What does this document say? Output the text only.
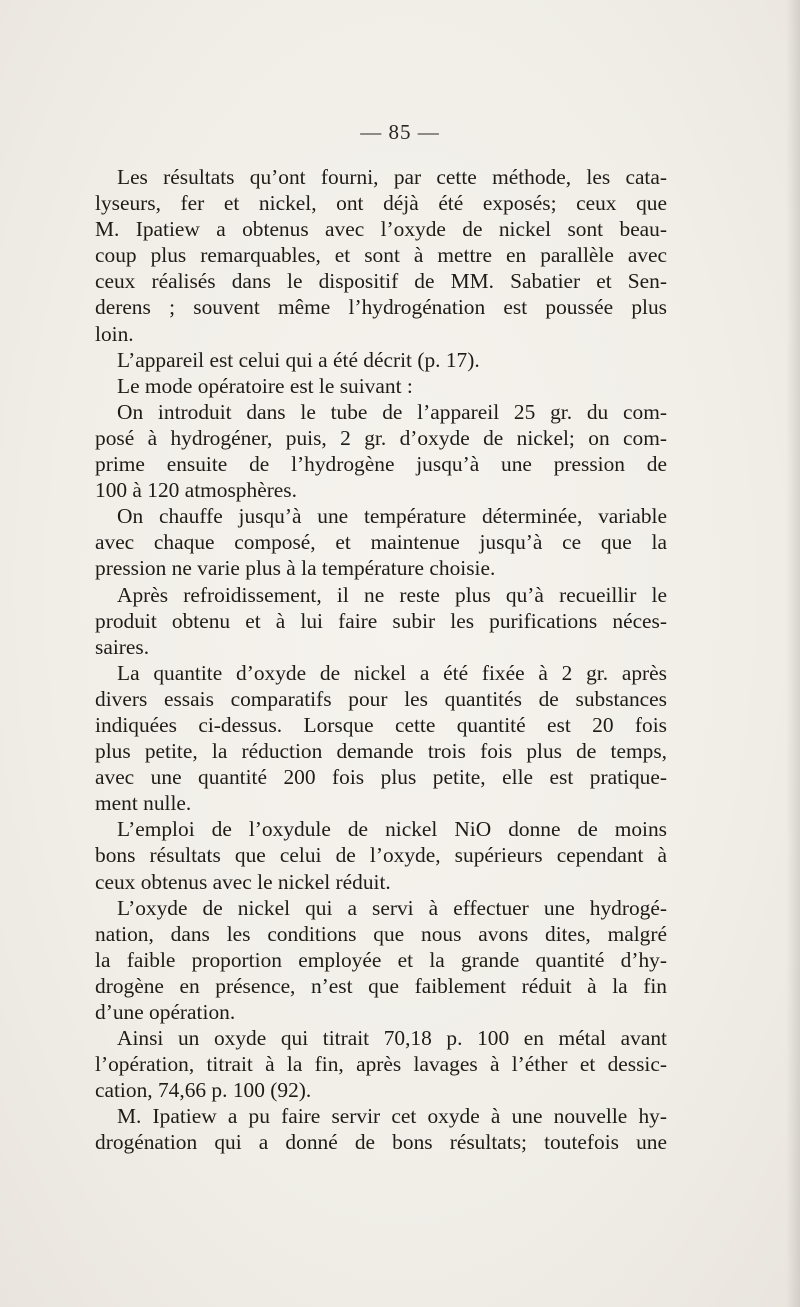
— 85 —
Les résultats qu’ont fourni, par cette méthode, les cata-
lyseurs, fer et nickel, ont déjà été exposés; ceux que
M. Ipatiew a obtenus avec l’oxyde de nickel sont beau-
coup plus remarquables, et sont à mettre en parallèle avec
ceux réalisés dans le dispositif de MM. Sabatier et Sen-
derens ; souvent même l’hydrogénation est poussée plus
loin.
L’appareil est celui qui a été décrit (p. 17).
Le mode opératoire est le suivant :
On introduit dans le tube de l’appareil 25 gr. du com-
posé à hydrogéner, puis, 2 gr. d’oxyde de nickel; on com-
prime ensuite de l’hydrogène jusqu’à une pression de
100 à 120 atmosphères.
On chauffe jusqu’à une température déterminée, variable
avec chaque composé, et maintenue jusqu’à ce que la
pression ne varie plus à la température choisie.
Après refroidissement, il ne reste plus qu’à recueillir le
produit obtenu et à lui faire subir les purifications néces-
saires.
La quantite d’oxyde de nickel a été fixée à 2 gr. après
divers essais comparatifs pour les quantités de substances
indiquées ci-dessus. Lorsque cette quantité est 20 fois
plus petite, la réduction demande trois fois plus de temps,
avec une quantité 200 fois plus petite, elle est pratique-
ment nulle.
L’emploi de l’oxydule de nickel NiO donne de moins
bons résultats que celui de l’oxyde, supérieurs cependant à
ceux obtenus avec le nickel réduit.
L’oxyde de nickel qui a servi à effectuer une hydrogé-
nation, dans les conditions que nous avons dites, malgré
la faible proportion employée et la grande quantité d’hy-
drogène en présence, n’est que faiblement réduit à la fin
d’une opération.
Ainsi un oxyde qui titrait 70,18 p. 100 en métal avant
l’opération, titrait à la fin, après lavages à l’éther et dessic-
cation, 74,66 p. 100 (92).
M. Ipatiew a pu faire servir cet oxyde à une nouvelle hy-
drogénation qui a donné de bons résultats; toutefois une
